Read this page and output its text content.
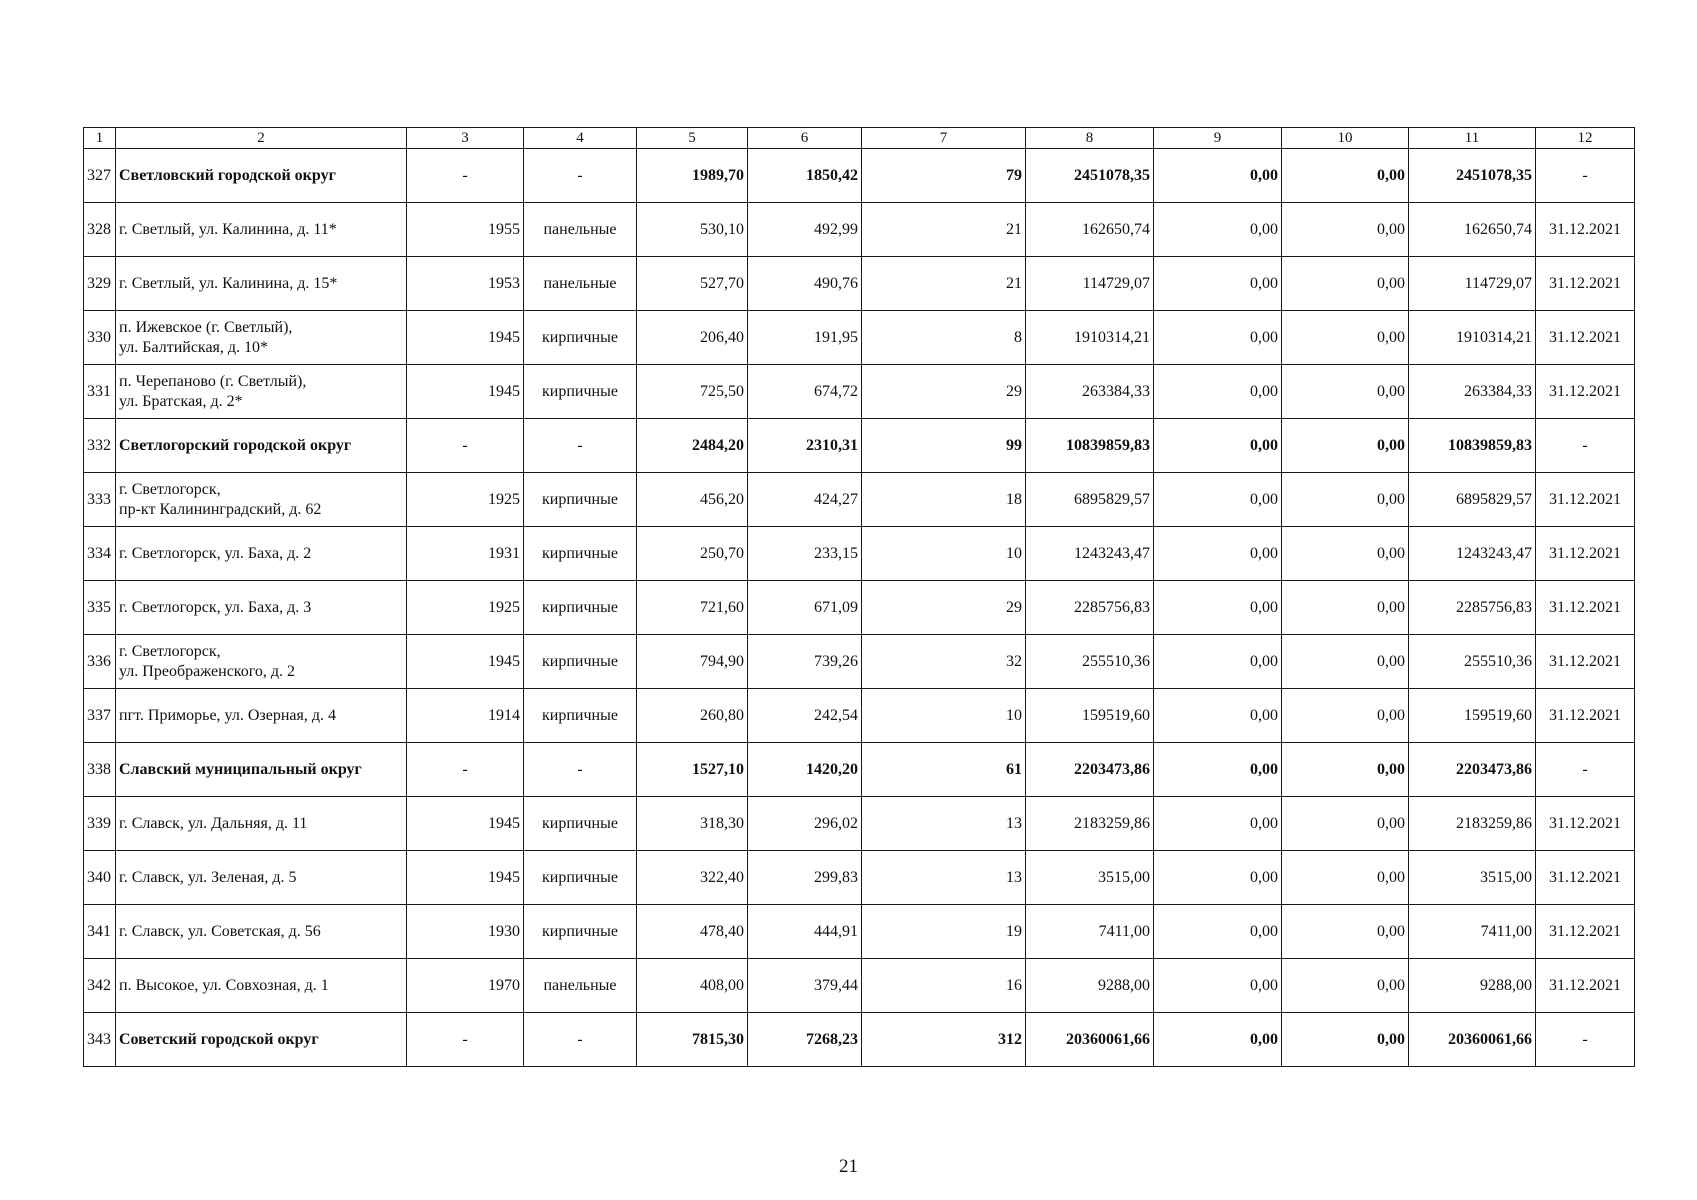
1	2	3	4	5	6	7	8	9	10	11	12
327	Светловский городской округ	-	-	1989,70	1850,42	79	2451078,35	0,00	0,00	2451078,35	-
328	г. Светлый, ул. Калинина, д. 11*	1955	панельные	530,10	492,99	21	162650,74	0,00	0,00	162650,74	31.12.2021
329	г. Светлый, ул. Калинина, д. 15*	1953	панельные	527,70	490,76	21	114729,07	0,00	0,00	114729,07	31.12.2021
330	п. Ижевское (г. Светлый),
ул. Балтийская, д. 10*	1945	кирпичные	206,40	191,95	8	1910314,21	0,00	0,00	1910314,21	31.12.2021
331	п. Черепаново (г. Светлый),
ул. Братская, д. 2*	1945	кирпичные	725,50	674,72	29	263384,33	0,00	0,00	263384,33	31.12.2021
332	Светлогорский городской округ	-	-	2484,20	2310,31	99	10839859,83	0,00	0,00	10839859,83	-
333	г. Светлогорск,
пр-кт Калининградский, д. 62	1925	кирпичные	456,20	424,27	18	6895829,57	0,00	0,00	6895829,57	31.12.2021
334	г. Светлогорск, ул. Баха, д. 2	1931	кирпичные	250,70	233,15	10	1243243,47	0,00	0,00	1243243,47	31.12.2021
335	г. Светлогорск, ул. Баха, д. 3	1925	кирпичные	721,60	671,09	29	2285756,83	0,00	0,00	2285756,83	31.12.2021
336	г. Светлогорск,
ул. Преображенского, д. 2	1945	кирпичные	794,90	739,26	32	255510,36	0,00	0,00	255510,36	31.12.2021
337	пгт. Приморье, ул. Озерная, д. 4	1914	кирпичные	260,80	242,54	10	159519,60	0,00	0,00	159519,60	31.12.2021
338	Славский муниципальный округ	-	-	1527,10	1420,20	61	2203473,86	0,00	0,00	2203473,86	-
339	г. Славск, ул. Дальняя, д. 11	1945	кирпичные	318,30	296,02	13	2183259,86	0,00	0,00	2183259,86	31.12.2021
340	г. Славск, ул. Зеленая, д. 5	1945	кирпичные	322,40	299,83	13	3515,00	0,00	0,00	3515,00	31.12.2021
341	г. Славск, ул. Советская, д. 56	1930	кирпичные	478,40	444,91	19	7411,00	0,00	0,00	7411,00	31.12.2021
342	п. Высокое, ул. Совхозная, д. 1	1970	панельные	408,00	379,44	16	9288,00	0,00	0,00	9288,00	31.12.2021
343	Советский городской округ	-	-	7815,30	7268,23	312	20360061,66	0,00	0,00	20360061,66	-
21
